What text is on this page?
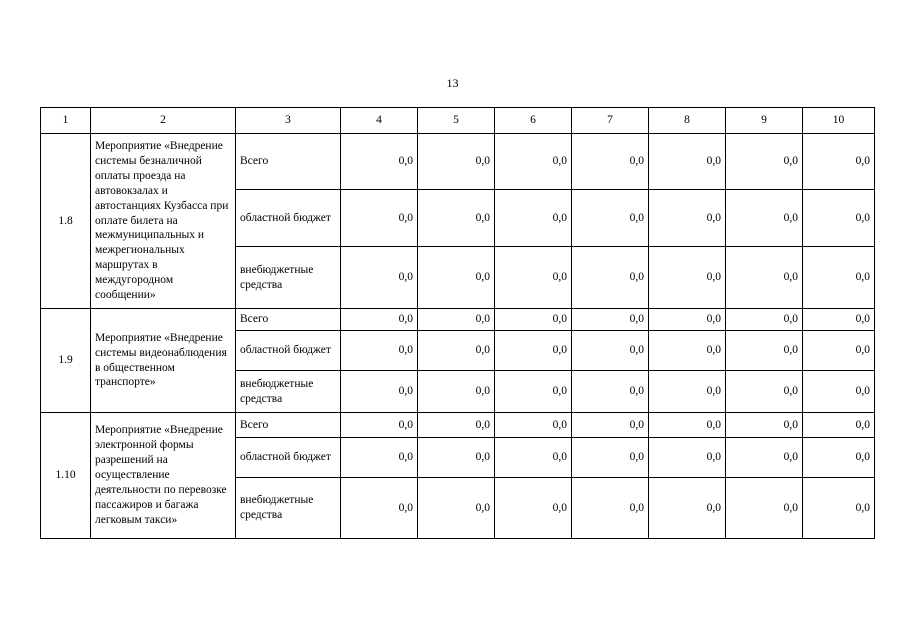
13
1	2	3	4	5	6	7	8	9	10
1.8	Мероприятие «Внедрение системы безналичной оплаты проезда на автовокзалах и автостанциях Кузбасса при оплате билета на межмуниципальных и межрегиональных маршрутах в междугородном сообщении»	Всего	0,0	0,0	0,0	0,0	0,0	0,0	0,0
		областной бюджет	0,0	0,0	0,0	0,0	0,0	0,0	0,0
		внебюджетные средства	0,0	0,0	0,0	0,0	0,0	0,0	0,0
1.9	Мероприятие «Внедрение системы видеонаблюдения в общественном транспорте»	Всего	0,0	0,0	0,0	0,0	0,0	0,0	0,0
		областной бюджет	0,0	0,0	0,0	0,0	0,0	0,0	0,0
		внебюджетные средства	0,0	0,0	0,0	0,0	0,0	0,0	0,0
1.10	Мероприятие «Внедрение электронной формы разрешений на осуществление деятельности по перевозке пассажиров и багажа легковым такси»	Всего	0,0	0,0	0,0	0,0	0,0	0,0	0,0
		областной бюджет	0,0	0,0	0,0	0,0	0,0	0,0	0,0
		внебюджетные средства	0,0	0,0	0,0	0,0	0,0	0,0	0,0
